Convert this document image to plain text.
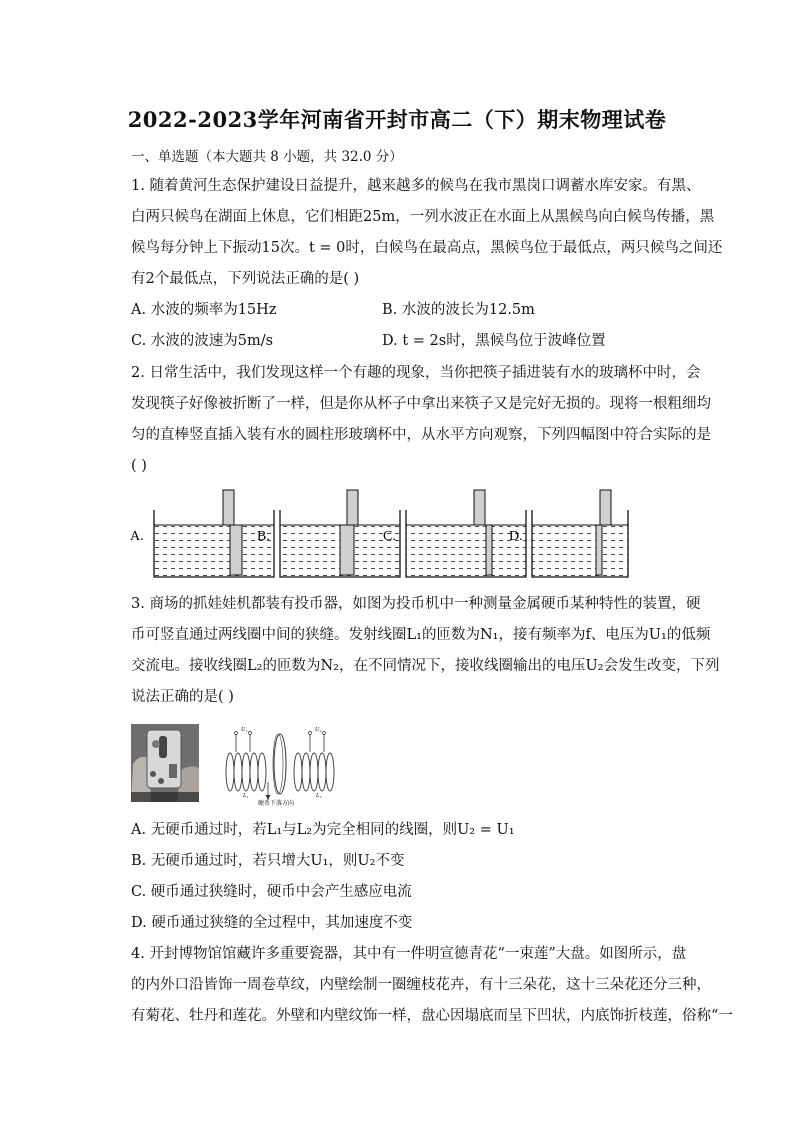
2022-2023学年河南省开封市高二（下）期末物理试卷
一、单选题（本大题共 8 小题，共 32.0 分）
1. 随着黄河生态保护建设日益提升，越来越多的候鸟在我市黑岗口调蓄水库安家。有黑、
白两只候鸟在湖面上休息，它们相距25m，一列水波正在水面上从黑候鸟向白候鸟传播，黑
候鸟每分钟上下振动15次。t = 0时，白候鸟在最高点，黑候鸟位于最低点，两只候鸟之间还
有2个最低点，下列说法正确的是( )
A. 水波的频率为15Hz	B. 水波的波长为12.5m
C. 水波的波速为5m/s	D. t = 2s时，黑候鸟位于波峰位置
2. 日常生活中，我们发现这样一个有趣的现象，当你把筷子插进装有水的玻璃杯中时，会
发现筷子好像被折断了一样，但是你从杯子中拿出来筷子又是完好无损的。现将一根粗细均
匀的直棒竖直插入装有水的圆柱形玻璃杯中，从水平方向观察，下列四幅图中符合实际的是
( )
A.	B.	C.	D.
3. 商场的抓娃娃机都装有投币器，如图为投币机中一种测量金属硬币某种特性的装置，硬
币可竖直通过两线圈中间的狭缝。发射线圈L₁的匝数为N₁，接有频率为f、电压为U₁的低频
交流电。接收线圈L₂的匝数为N₂，在不同情况下，接收线圈输出的电压U₂会发生改变，下列
说法正确的是( )
U₁	U₂
L₁	L₂
硬币下落方向
A. 无硬币通过时，若L₁与L₂为完全相同的线圈，则U₂ = U₁
B. 无硬币通过时，若只增大U₁，则U₂不变
C. 硬币通过狭缝时，硬币中会产生感应电流
D. 硬币通过狭缝的全过程中，其加速度不变
4. 开封博物馆馆藏许多重要瓷器，其中有一件明宣德青花“一束莲”大盘。如图所示，盘
的内外口沿皆饰一周卷草纹，内壁绘制一圈缠枝花卉，有十三朵花，这十三朵花还分三种，
有菊花、牡丹和莲花。外壁和内壁纹饰一样，盘心因塌底而呈下凹状，内底饰折枝莲，俗称“一
